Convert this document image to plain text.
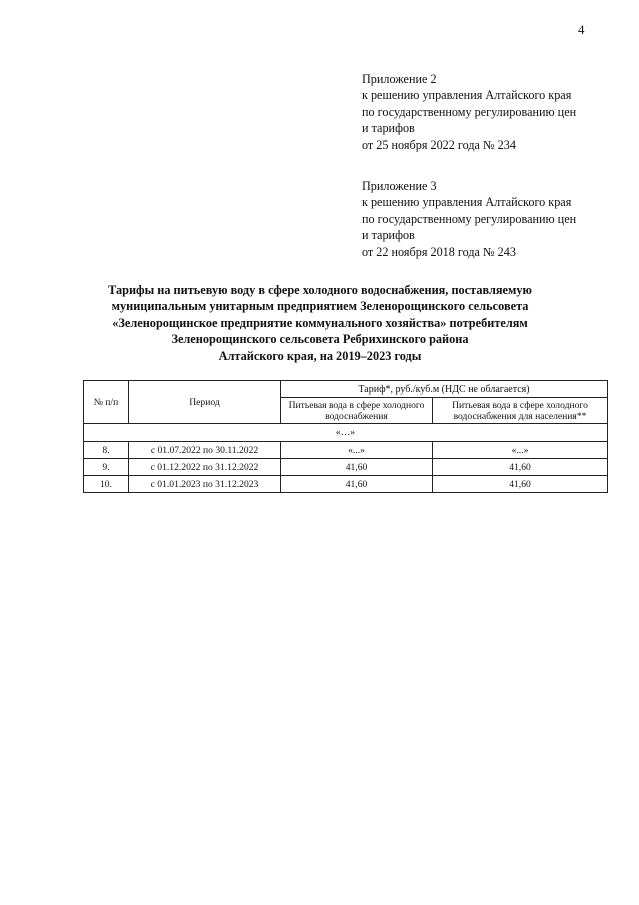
4
Приложение 2
к решению управления Алтайского края
по государственному регулированию цен
и тарифов
от 25 ноября 2022 года № 234
Приложение 3
к решению управления Алтайского края
по государственному регулированию цен
и тарифов
от 22 ноября 2018 года № 243
Тарифы на питьевую воду в сфере холодного водоснабжения, поставляемую
муниципальным унитарным предприятием Зеленорощинского сельсовета
«Зеленорощинское предприятие коммунального хозяйства» потребителям
Зеленорощинского сельсовета Ребрихинского района
Алтайского края, на 2019–2023 годы
№ п/п	Период	Тариф*, руб./куб.м (НДС не облагается)	
		Питьевая вода в сфере холодного водоснабжения	Питьевая вода в сфере холодного водоснабжения для населения**
«…»			
8.	с 01.07.2022 по 30.11.2022	«...»	«...»
9.	с 01.12.2022 по 31.12.2022	41,60	41,60
10.	с 01.01.2023 по 31.12.2023	41,60	41,60
